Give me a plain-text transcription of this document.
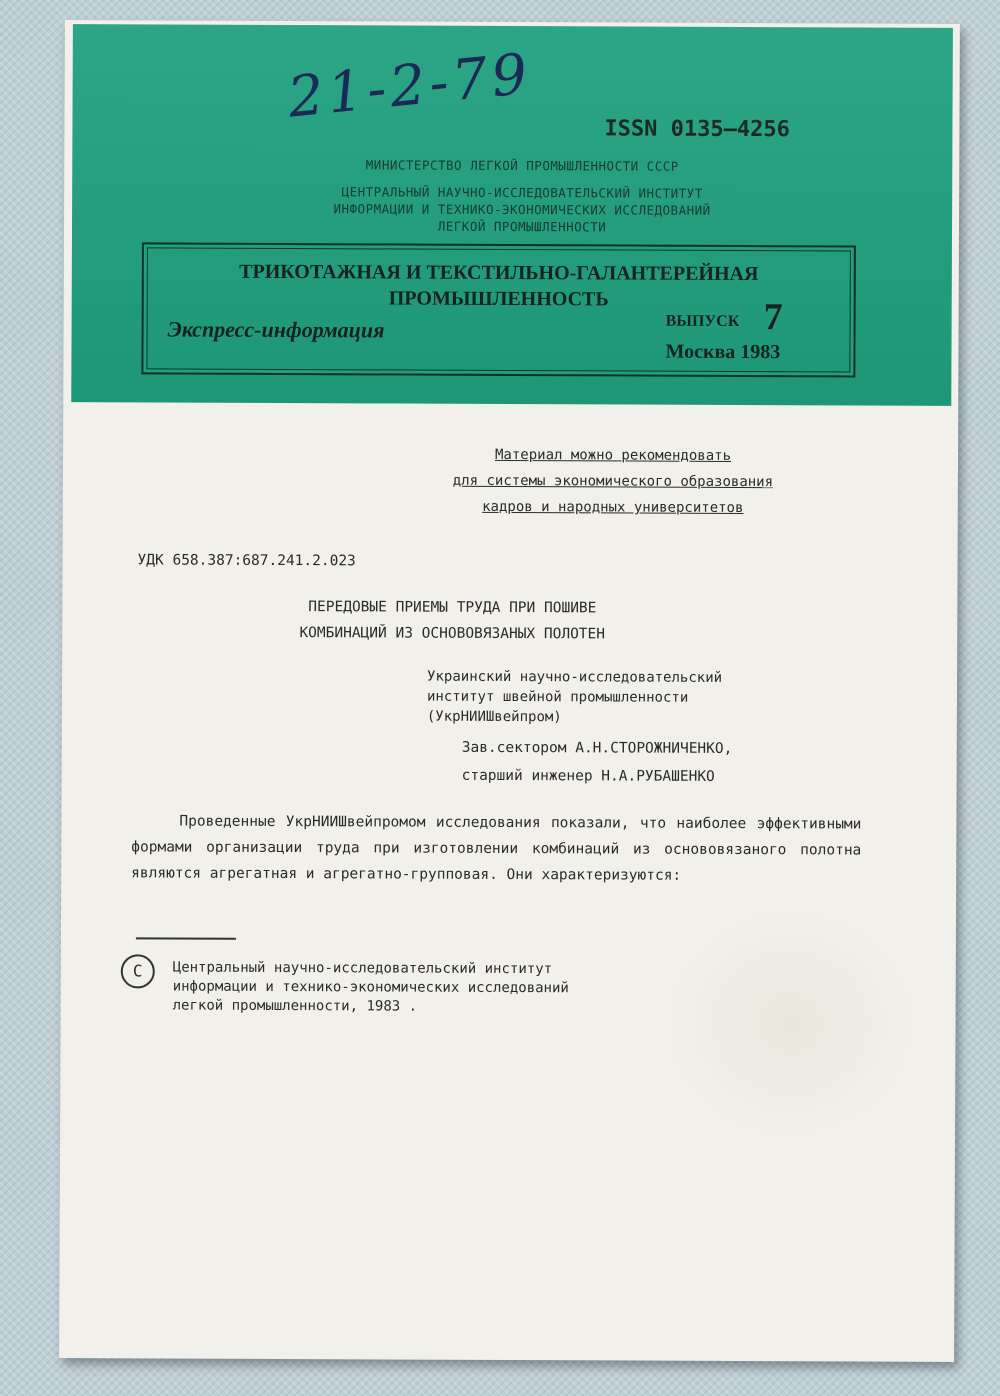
21-2-79	ISSN 0135—4256
МИНИСТЕРСТВО ЛЕГКОЙ ПРОМЫШЛЕННОСТИ СССР
ЦЕНТРАЛЬНЫЙ НАУЧНО-ИССЛЕДОВАТЕЛЬСКИЙ ИНСТИТУТ
ИНФОРМАЦИИ И ТЕХНИКО-ЭКОНОМИЧЕСКИХ ИССЛЕДОВАНИЙ
ЛЕГКОЙ ПРОМЫШЛЕННОСТИ
ТРИКОТАЖНАЯ И ТЕКСТИЛЬНО-ГАЛАНТЕРЕЙНАЯ
ПРОМЫШЛЕННОСТЬ
Экспресс-информация	ВЫПУСК 7
Москва 1983
Материал можно рекомендовать
для системы экономического образования
кадров и народных университетов
УДК 658.387:687.241.2.023
ПЕРЕДОВЫЕ ПРИЕМЫ ТРУДА ПРИ ПОШИВЕ
КОМБИНАЦИЙ ИЗ ОСНОВОВЯЗАНЫХ ПОЛОТЕН
Украинский научно-исследовательский
институт швейной промышленности
(УкрНИИШвейпром)
Зав.сектором А.Н.СТОРОЖНИЧЕНКО,
старший инженер Н.А.РУБАШЕНКО
Проведенные УкрНИИШвейпромом исследования показали, что наиболее эффективными формами организации труда при изготовлении комбинаций из основовязаного полотна являются агрегатная и агрегатно-групповая. Они характеризуются:
С	Центральный научно-исследовательский институт
информации и технико-экономических исследований
легкой промышленности, 1983 .
